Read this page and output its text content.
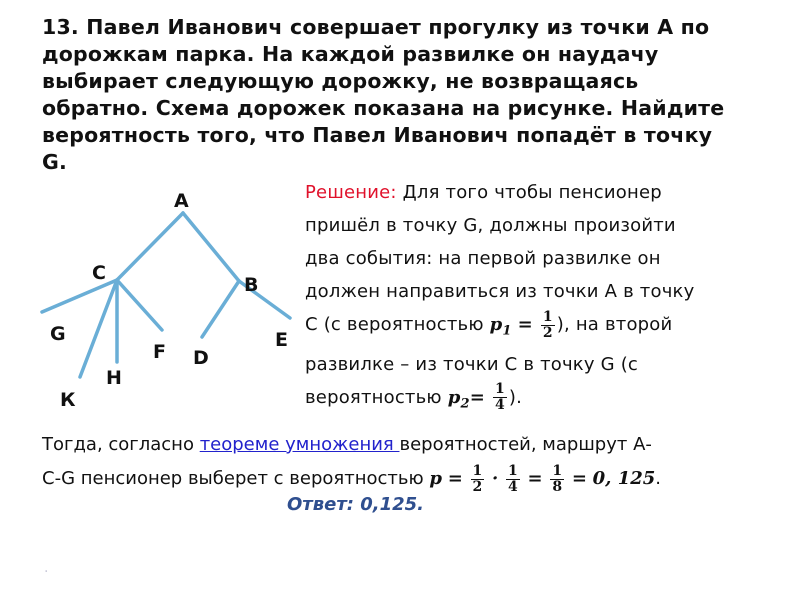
13. Павел Иванович совершает прогулку из точки A по
дорожкам парка. На каждой развилке он наудачу
выбирает следующую дорожку, не возвращаясь
обратно. Схема дорожек показана на рисунке. Найдите
вероятность того, что Павел Иванович попадёт в точку
G.
A
C
B
G
F D
E
H
К
Решение: Для того чтобы пенсионер
пришёл в точку G, должны произойти
два события: на первой развилке он
должен направиться из точки А в точку
С (с вероятностью $p_1 = \frac{1}{2}$ ), на второй
развилке – из точки С в точку G (с
вероятностью $p_2= \frac{1}{4}$ ).
Тогда, согласно теореме умножения вероятностей, маршрут А-
С-G пенсионер выберет с вероятностью $p = \frac{1}{2} \cdot \frac{1}{4} = \frac{1}{8} = 0$, 125.
Ответ: 0,125.
.
